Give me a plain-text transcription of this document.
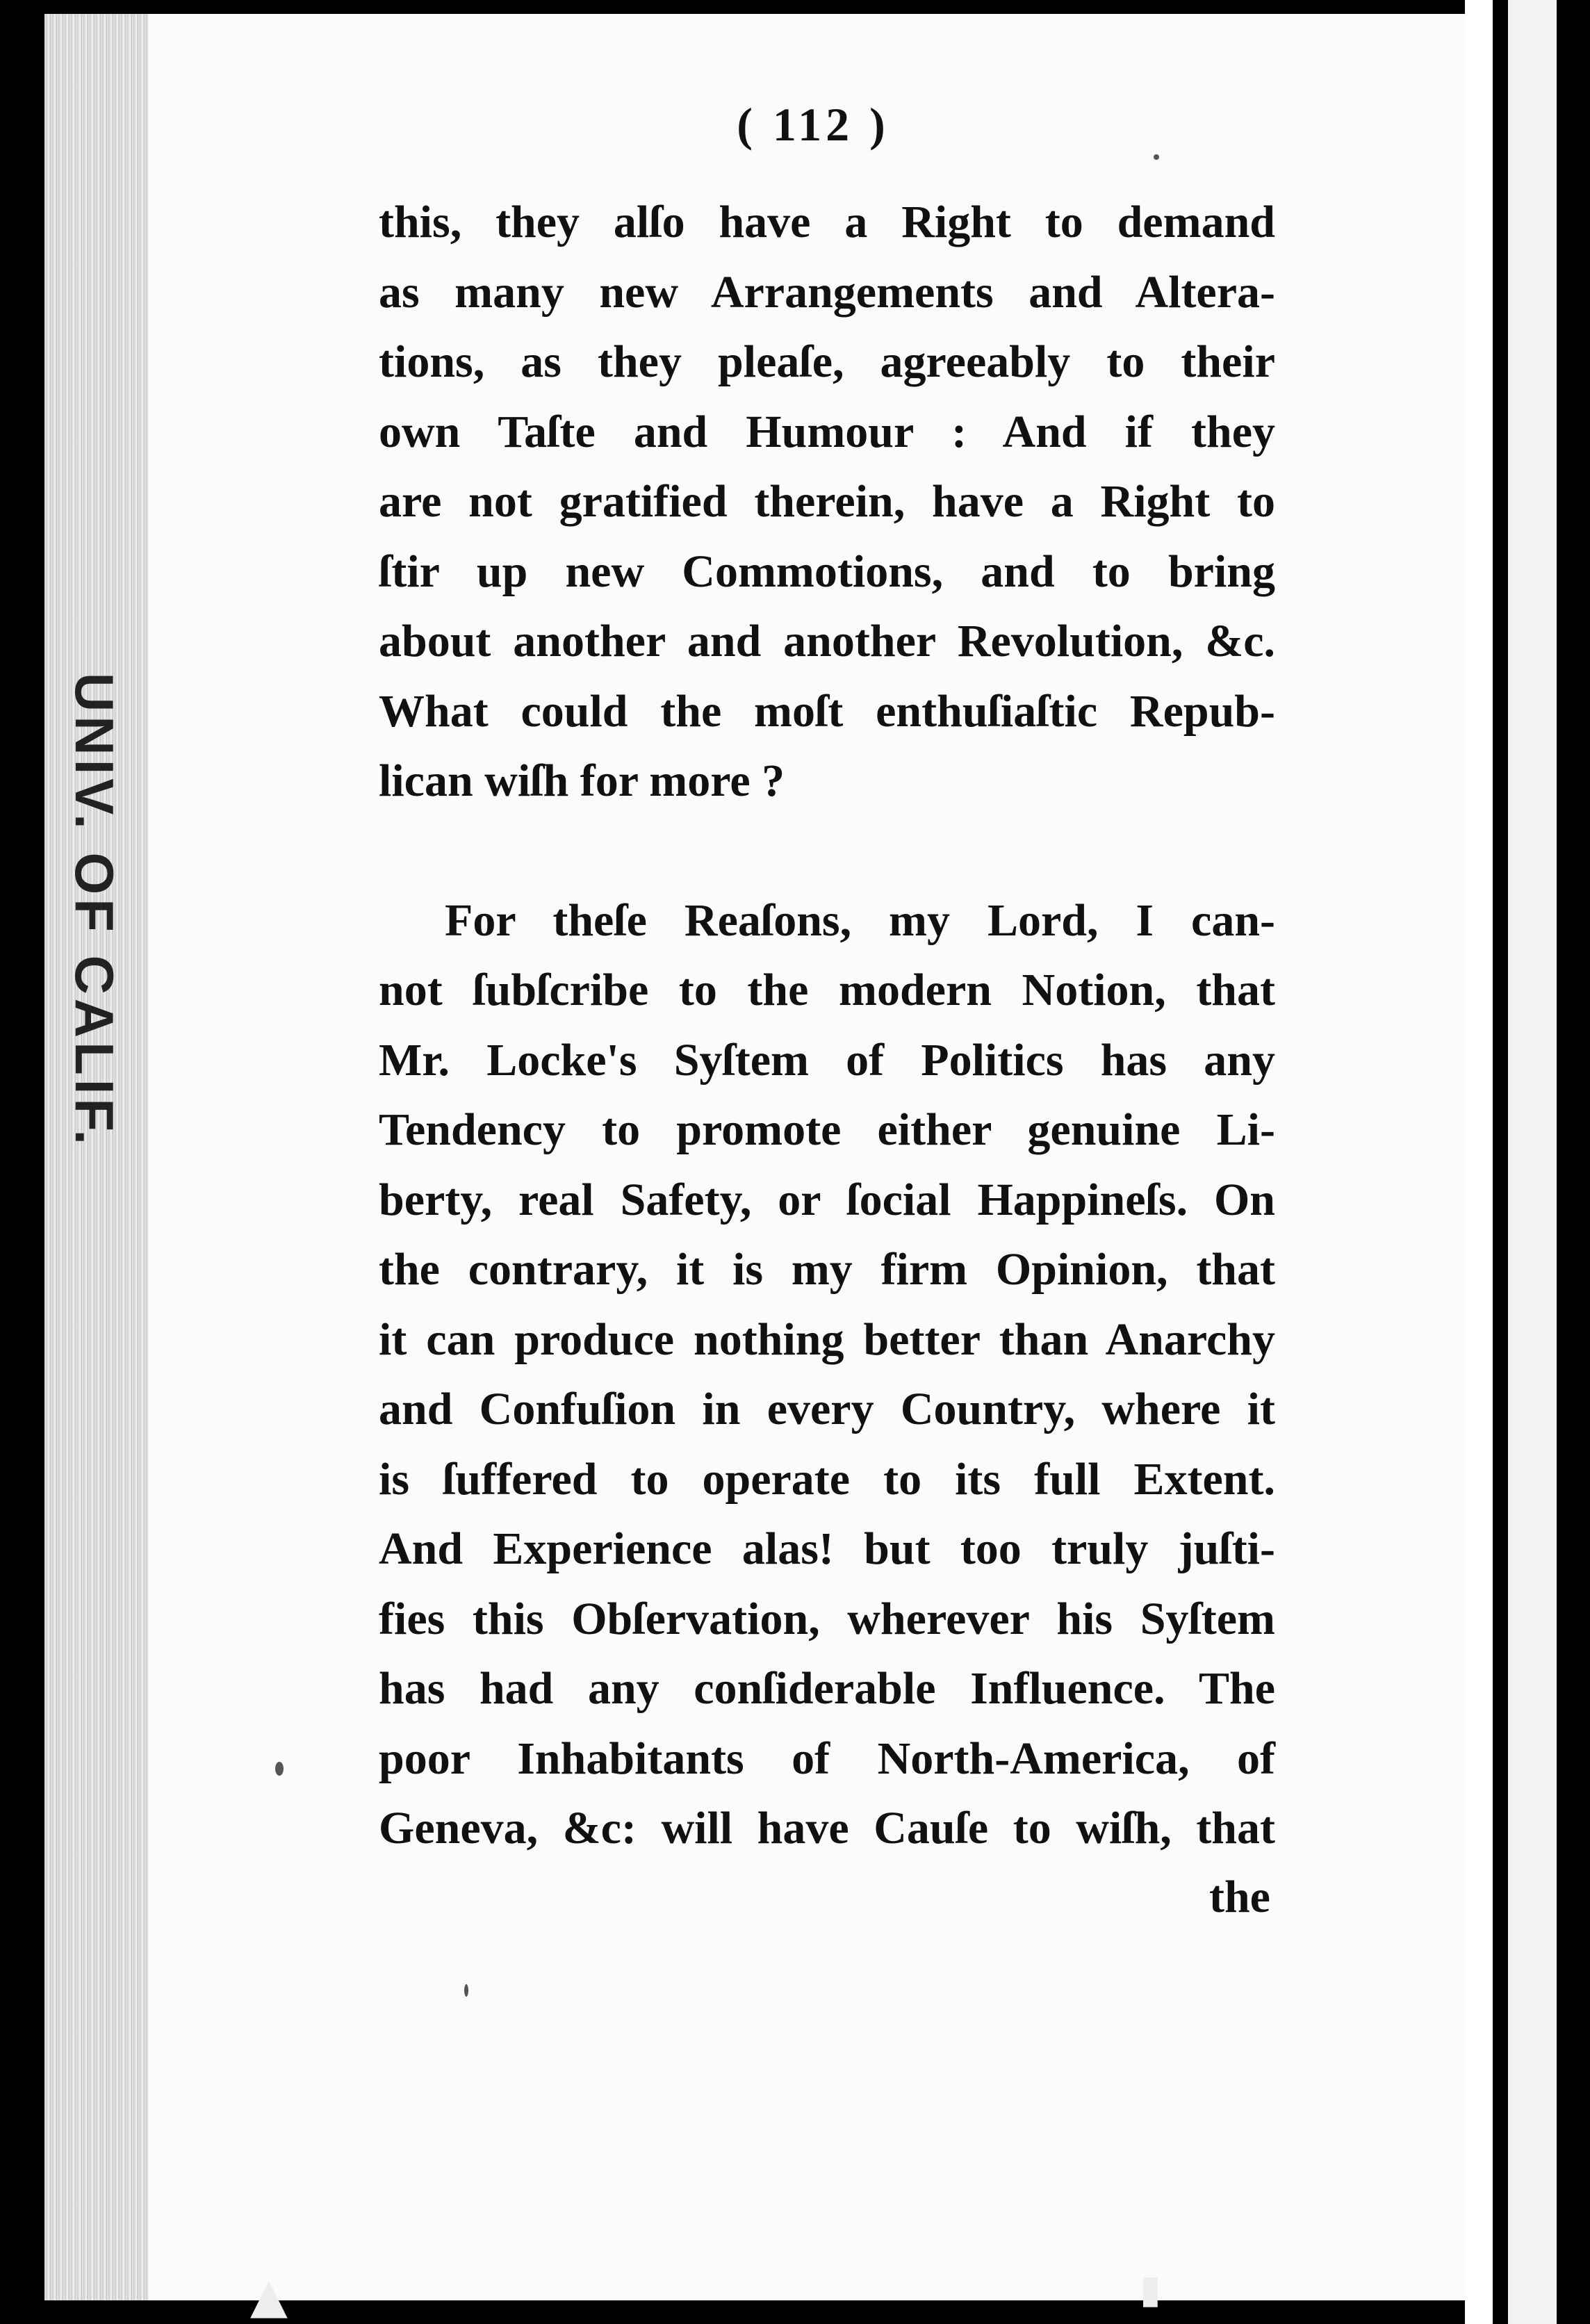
UNIV. OF CALIF.
( 112 )
this, they alſo have a Right to demand
as many new Arrangements and Altera-
tions, as they pleaſe, agreeably to their
own Taſte and Humour : And if they
are not gratified therein, have a Right to
ſtir up new Commotions, and to bring
about another and another Revolution, &c.
What could the moſt enthuſiaſtic Repub-
lican wiſh for more ?
For theſe Reaſons, my Lord, I can-
not ſubſcribe to the modern Notion, that
Mr. Locke's Syſtem of Politics has any
Tendency to promote either genuine Li-
berty, real Safety, or ſocial Happineſs. On
the contrary, it is my firm Opinion, that
it can produce nothing better than Anarchy
and Confuſion in every Country, where it
is ſuffered to operate to its full Extent.
And Experience alas! but too truly juſti-
fies this Obſervation, wherever his Syſtem
has had any conſiderable Influence. The
poor Inhabitants of North-America, of
Geneva, &c: will have Cauſe to wiſh, that
the
▲	▮
